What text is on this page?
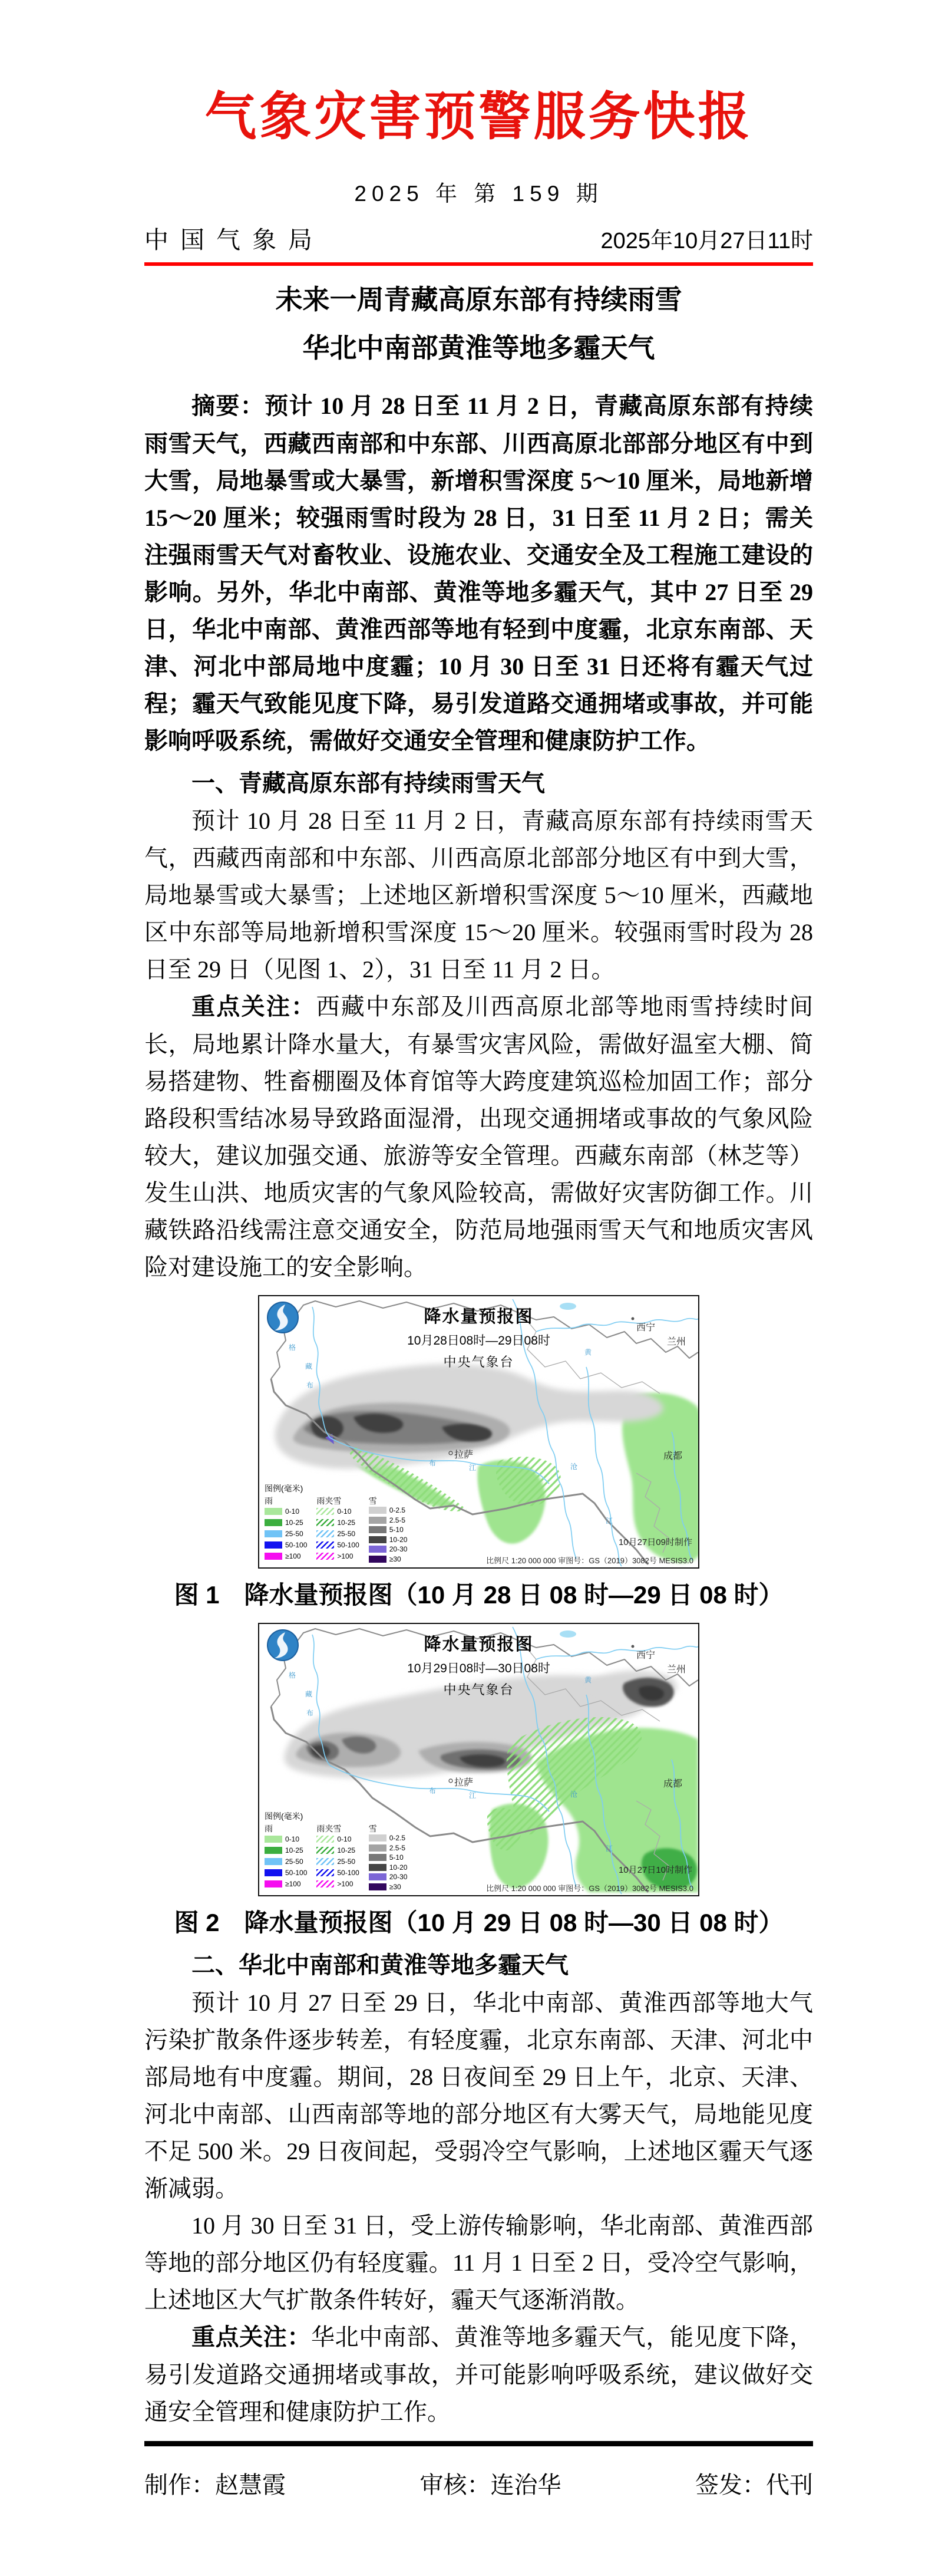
气象灾害预警服务快报
2025 年 第 159 期
中国气象局	2025年10月27日11时
未来一周青藏高原东部有持续雨雪
华北中南部黄淮等地多霾天气

摘要：预计 10 月 28 日至 11 月 2 日，青藏高原东部有持续雨雪天气，西藏西南部和中东部、川西高原北部部分地区有中到大雪，局地暴雪或大暴雪，新增积雪深度 5～10 厘米，局地新增 15～20 厘米；较强雨雪时段为 28 日，31 日至 11 月 2 日；需关注强雨雪天气对畜牧业、设施农业、交通安全及工程施工建设的影响。另外，华北中南部、黄淮等地多霾天气，其中 27 日至 29 日，华北中南部、黄淮西部等地有轻到中度霾，北京东南部、天津、河北中部局地中度霾；10 月 30 日至 31 日还将有霾天气过程；霾天气致能见度下降，易引发道路交通拥堵或事故，并可能影响呼吸系统，需做好交通安全管理和健康防护工作。

一、青藏高原东部有持续雨雪天气

预计 10 月 28 日至 11 月 2 日，青藏高原东部有持续雨雪天气，西藏西南部和中东部、川西高原北部部分地区有中到大雪，局地暴雪或大暴雪；上述地区新增积雪深度 5～10 厘米，西藏地区中东部等局地新增积雪深度 15～20 厘米。较强雨雪时段为 28 日至 29 日（见图 1、2），31 日至 11 月 2 日。

重点关注：西藏中东部及川西高原北部等地雨雪持续时间长，局地累计降水量大，有暴雪灾害风险，需做好温室大棚、简易搭建物、牲畜棚圈及体育馆等大跨度建筑巡检加固工作；部分路段积雪结冰易导致路面湿滑，出现交通拥堵或事故的气象风险较大，建议加强交通、旅游等安全管理。西藏东南部（林芝等）发生山洪、地质灾害的气象风险较高，需做好灾害防御工作。川藏铁路沿线需注意交通安全，防范局地强雨雪天气和地质灾害风险对建设施工的安全影响。

降水量预报图
10月28日08时—29日08时
中央气象台
西宁
兰州
拉萨	成都
格
藏
布
黄
布
江	沧
江
图例(毫米)
雨
0-10
10-25
25-50
50-100
≥100
雨夹雪
0-10
10-25
25-50
50-100
>100
雪
0-2.5
2.5-5
5-10
10-20
20-30
≥30
10月27日09时制作
比例尺 1:20 000 000 审图号：GS（2019）3082号 MESIS3.0
图 1　降水量预报图（10 月 28 日 08 时—29 日 08 时）
降水量预报图
10月29日08时—30日08时
中央气象台
西宁
兰州
拉萨	成都
格
藏
布
黄
布
江	沧
江
图例(毫米)
雨
0-10
10-25
25-50
50-100
≥100
雨夹雪
0-10
10-25
25-50
50-100
>100
雪
0-2.5
2.5-5
5-10
10-20
20-30
≥30
10月27日10时制作
比例尺 1:20 000 000 审图号：GS（2019）3082号 MESIS3.0
图 2　降水量预报图（10 月 29 日 08 时—30 日 08 时）
二、华北中南部和黄淮等地多霾天气

预计 10 月 27 日至 29 日，华北中南部、黄淮西部等地大气污染扩散条件逐步转差，有轻度霾，北京东南部、天津、河北中部局地有中度霾。期间，28 日夜间至 29 日上午，北京、天津、河北中南部、山西南部等地的部分地区有大雾天气，局地能见度不足 500 米。29 日夜间起，受弱冷空气影响，上述地区霾天气逐渐减弱。

10 月 30 日至 31 日，受上游传输影响，华北南部、黄淮西部等地的部分地区仍有轻度霾。11 月 1 日至 2 日，受冷空气影响，上述地区大气扩散条件转好，霾天气逐渐消散。

重点关注：华北中南部、黄淮等地多霾天气，能见度下降，易引发道路交通拥堵或事故，并可能影响呼吸系统，建议做好交通安全管理和健康防护工作。

制作：赵慧霞	审核：连治华	签发：代刊
